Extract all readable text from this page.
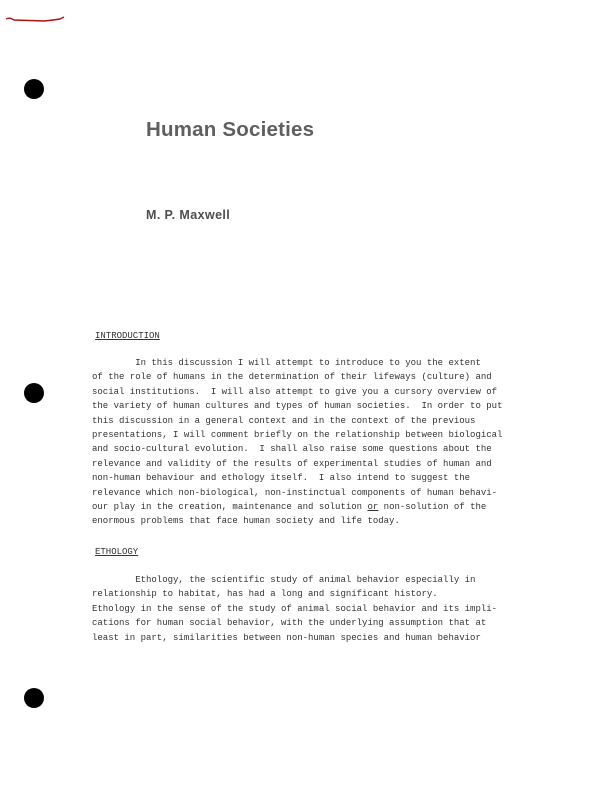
Human Societies
M. P. Maxwell
INTRODUCTION
In this discussion I will attempt to introduce to you the extent
of the role of humans in the determination of their lifeways (culture) and
social institutions.  I will also attempt to give you a cursory overview of
the variety of human cultures and types of human societies.  In order to put
this discussion in a general context and in the context of the previous
presentations, I will comment briefly on the relationship between biological
and socio-cultural evolution.  I shall also raise some questions about the
relevance and validity of the results of experimental studies of human and
non-human behaviour and ethology itself.  I also intend to suggest the
relevance which non-biological, non-instinctual components of human behavi-
our play in the creation, maintenance and solution or non-solution of the
enormous problems that face human society and life today.
ETHOLOGY
Ethology, the scientific study of animal behavior especially in
relationship to habitat, has had a long and significant history.
Ethology in the sense of the study of animal social behavior and its impli-
cations for human social behavior, with the underlying assumption that at
least in part, similarities between non-human species and human behavior
